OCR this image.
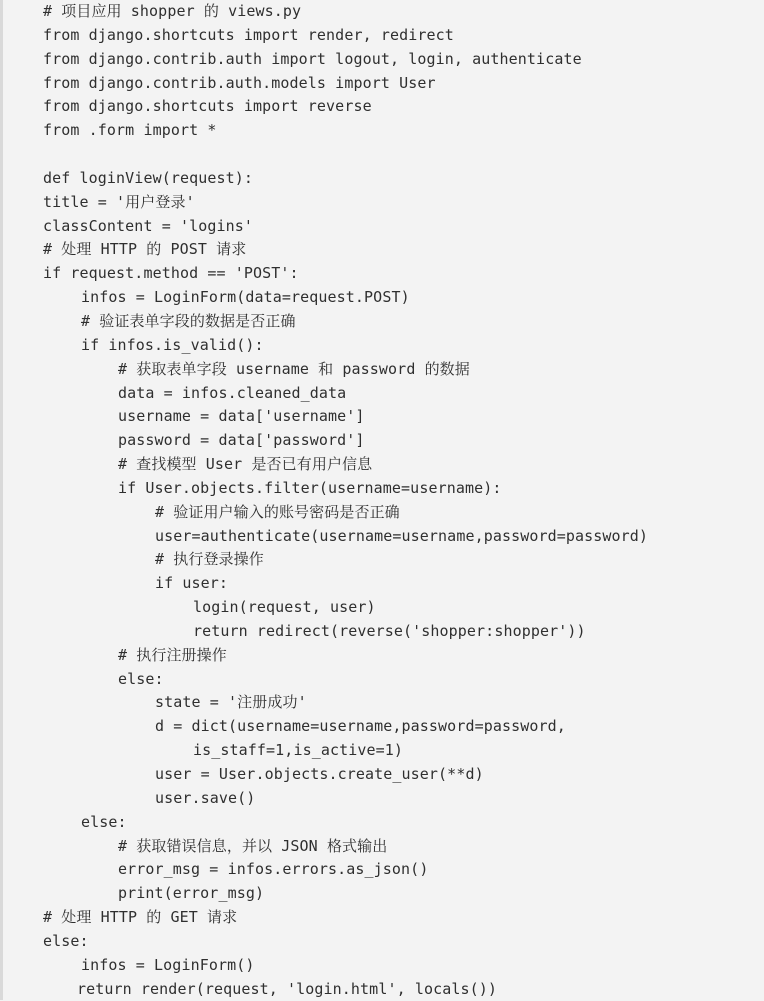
# 项目应用 shopper 的 views.py
from django.shortcuts import render, redirect
from django.contrib.auth import logout, login, authenticate
from django.contrib.auth.models import User
from django.shortcuts import reverse
from .form import *
def loginView(request):
title = '用户登录'
classContent = 'logins'
# 处理 HTTP 的 POST 请求
if request.method == 'POST':
infos = LoginForm(data=request.POST)
# 验证表单字段的数据是否正确
if infos.is_valid():
# 获取表单字段 username 和 password 的数据
data = infos.cleaned_data
username = data['username']
password = data['password']
# 查找模型 User 是否已有用户信息
if User.objects.filter(username=username):
# 验证用户输入的账号密码是否正确
user=authenticate(username=username,password=password)
# 执行登录操作
if user:
login(request, user)
return redirect(reverse('shopper:shopper'))
# 执行注册操作
else:
state = '注册成功'
d = dict(username=username,password=password,
is_staff=1,is_active=1)
user = User.objects.create_user(**d)
user.save()
else:
# 获取错误信息，并以 JSON 格式输出
error_msg = infos.errors.as_json()
print(error_msg)
# 处理 HTTP 的 GET 请求
else:
infos = LoginForm()
return render(request, 'login.html', locals())
